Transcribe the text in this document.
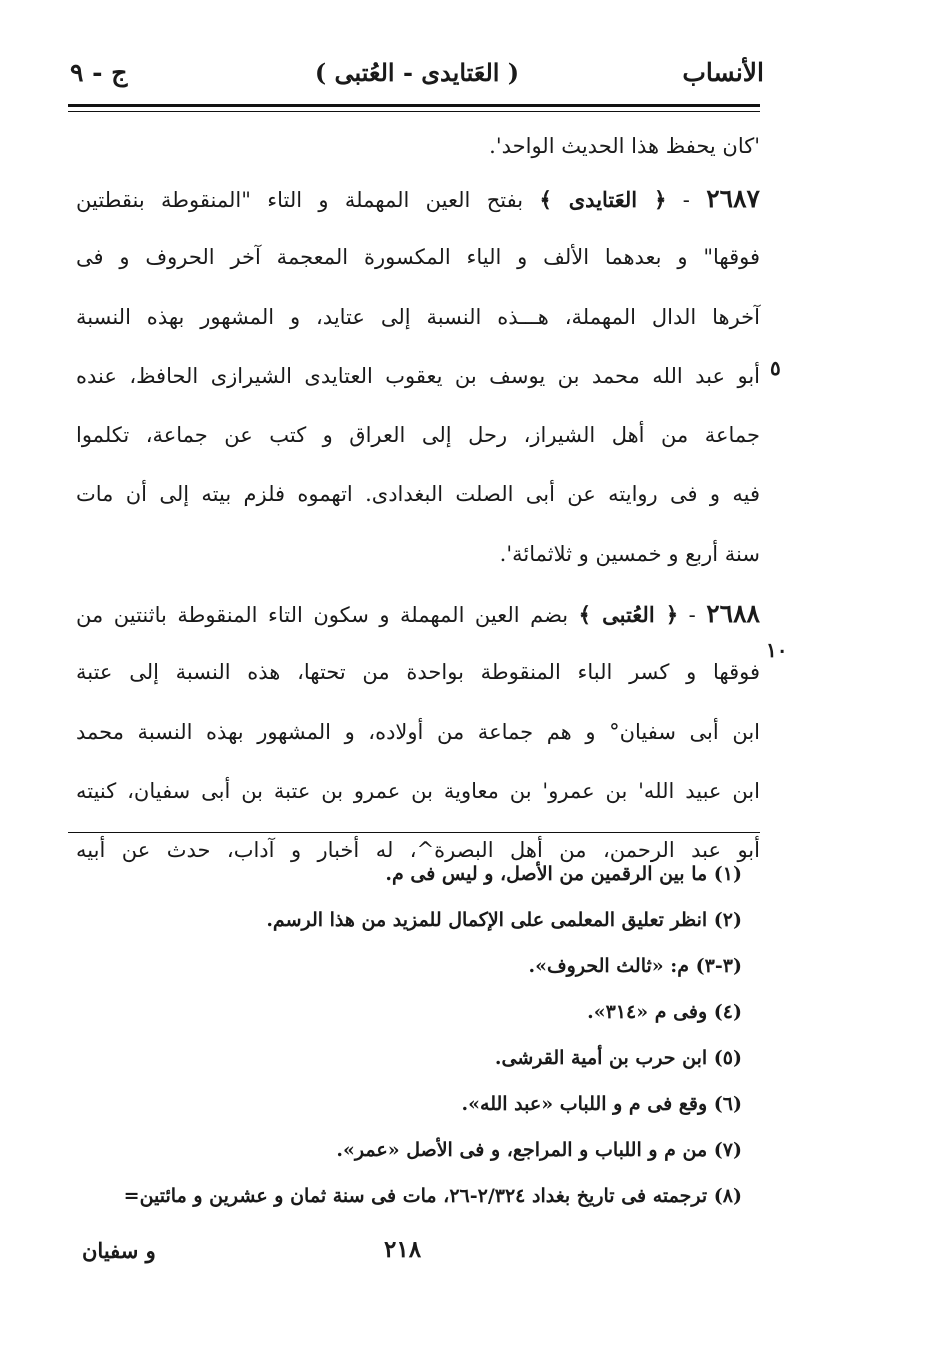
الأنساب
( العَتايدى - العُتبى )
ج - ٩
'كان يحفظ هذا الحديث الواحد'.
٢٦٨٧ - ﴿ العَتايدى ﴾ بفتح العين المهملة و التاء "المنقوطة بنقطتين
فوقها" و بعدهما الألف و الياء المكسورة المعجمة آخر الحروف و فى
آخرها الدال المهملة، هـــذه النسبة إلى عتايد، و المشهور بهذه النسبة
أبو عبد الله محمد بن يوسف بن يعقوب العتايدى الشيرازى الحافظ، عنده
جماعة من أهل الشيراز، رحل إلى العراق و كتب عن جماعة، تكلموا
فيه و فى روايته عن أبى الصلت البغدادى. اتهموه فلزم بيته إلى أن مات
سنة أربع و خمسين و ثلاثمائة'.
٢٦٨٨ - ﴿ العُتبى ﴾ بضم العين المهملة و سكون التاء المنقوطة باثنتين من
فوقها و كسر الباء المنقوطة بواحدة من تحتها، هذه النسبة إلى عتبة
ابن أبى سفيان° و هم جماعة من أولاده، و المشهور بهذه النسبة محمد
ابن عبيد الله' بن عمرو' بن معاوية بن عمرو بن عتبة بن أبى سفيان، كنيته
أبو عبد الرحمن، من أهل البصرة^، له أخبار و آداب، حدث عن أبيه
٥
١٠
(١) ما بين الرقمين من الأصل، و ليس فى م.
(٢) انظر تعليق المعلمى على الإكمال للمزيد من هذا الرسم.
(٣-٣) م: «ثالث الحروف».
(٤) وفى م «٣١٤».
(٥) ابن حرب بن أمية القرشى.
(٦) وقع فى م و اللباب «عبد الله».
(٧) من م و اللباب و المراجع، و فى الأصل «عمر».
(٨) ترجمته فى تاريخ بغداد ٢/٣٢٤-٢٦، مات فى سنة ثمان و عشرين و مائتين=
و سفيان	٢١٨
